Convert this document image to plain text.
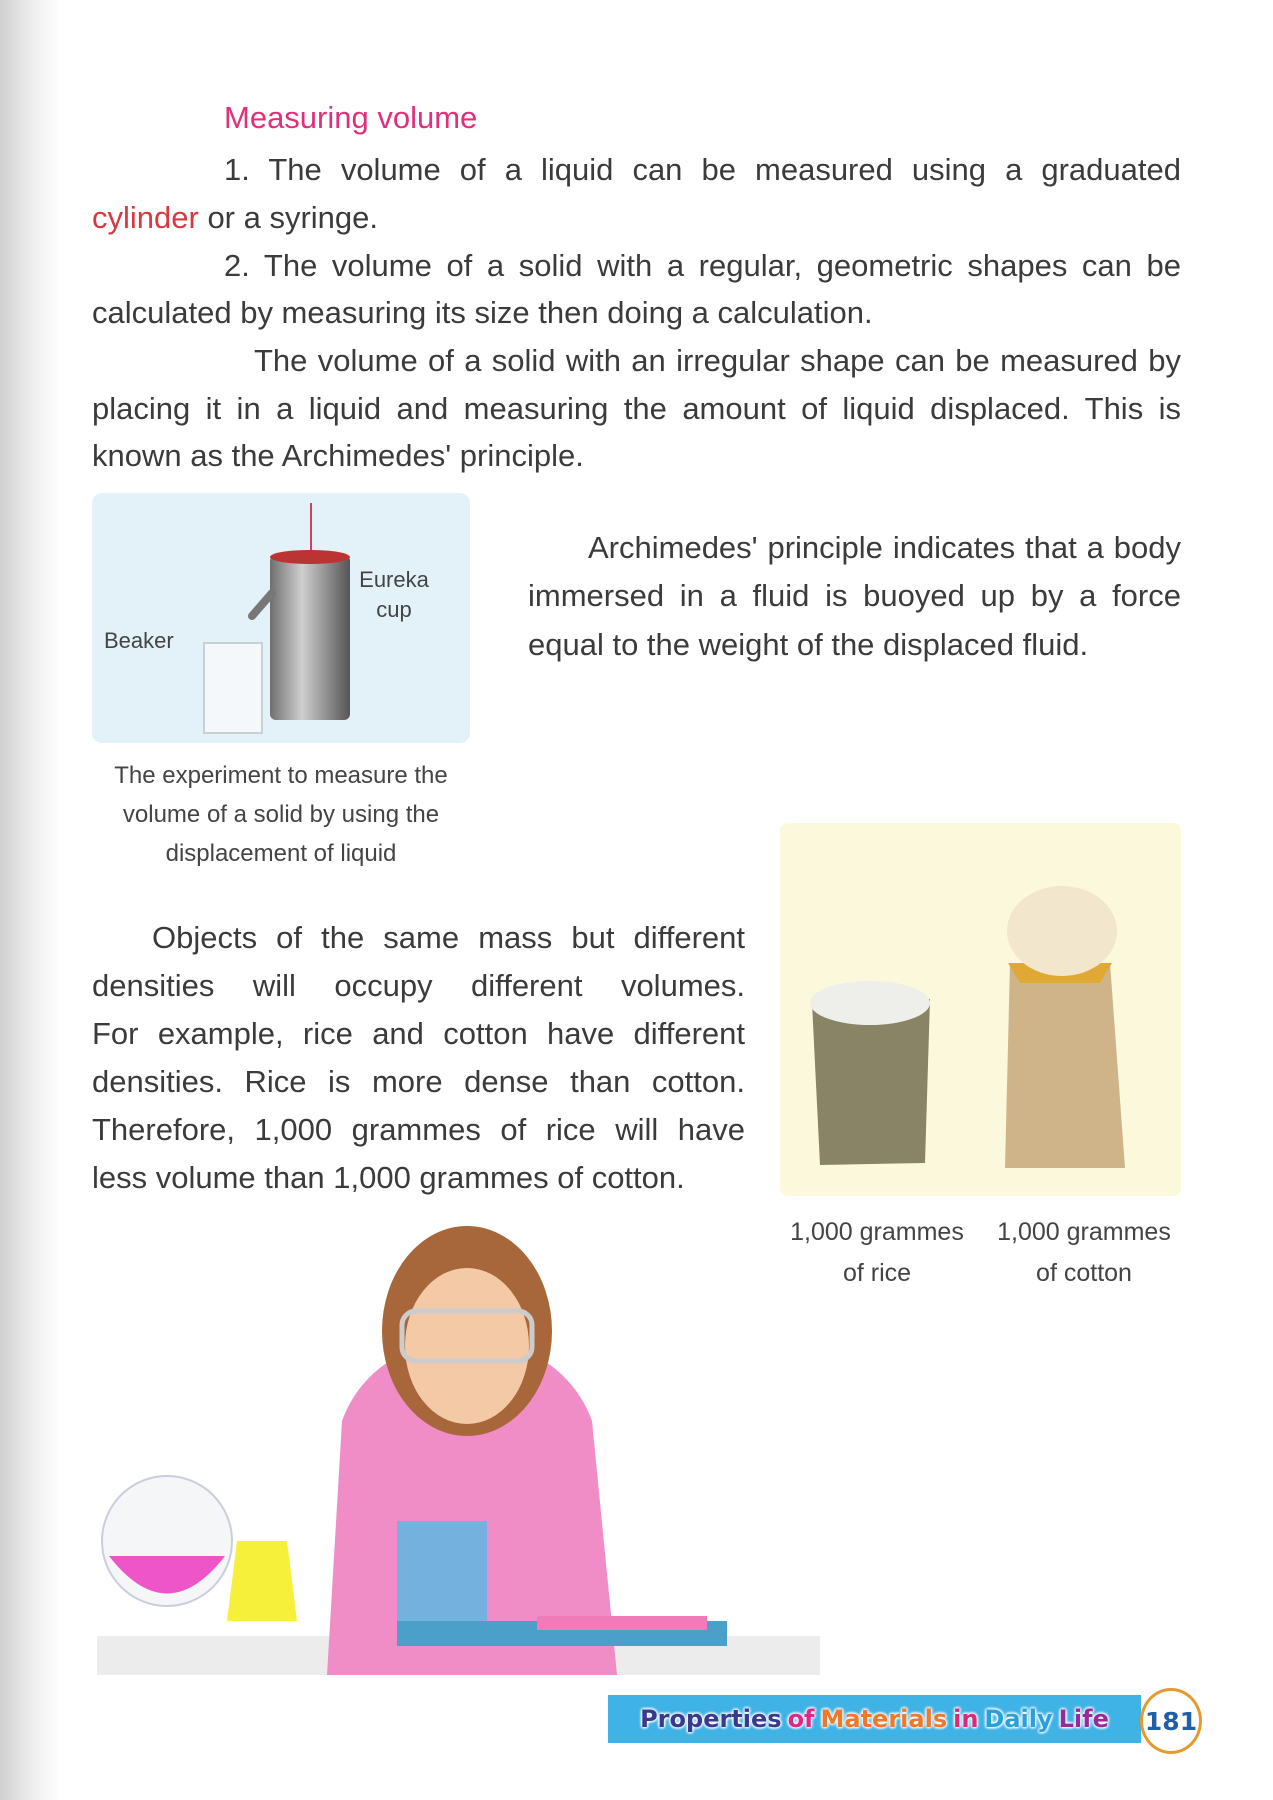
Measuring volume
1. The volume of a liquid can be measured using a graduated
cylinder or a syringe.
2. The volume of a solid with a regular, geometric shapes can be
calculated by measuring its size then doing a calculation.
The volume of a solid with an irregular shape can be measured by
placing it in a liquid and measuring the amount of liquid displaced. This is
known as the Archimedes' principle.
Beaker
Eureka
cup
The experiment to measure the
volume of a solid by using the
displacement of liquid
Archimedes' principle indicates that a body
immersed in a fluid is buoyed up by a force
equal to the weight of the displaced fluid.
Objects of the same mass but different
densities will occupy different volumes.
For example, rice and cotton have different
densities. Rice is more dense than cotton.
Therefore, 1,000 grammes of rice will have
less volume than 1,000 grammes of cotton.
1,000 grammes
of rice
1,000 grammes
of cotton
Properties of Materials in Daily Life 181
